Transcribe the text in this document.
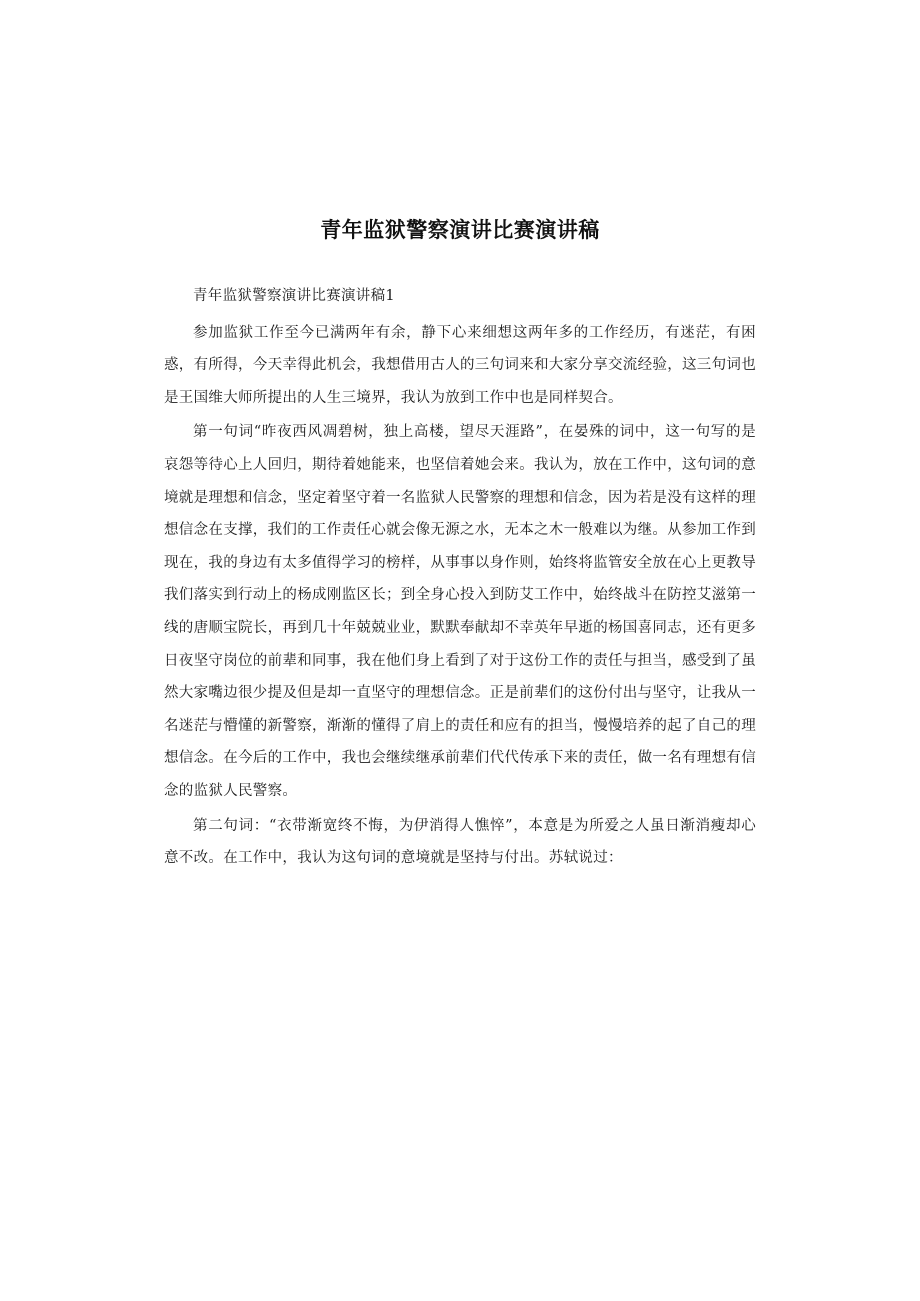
青年监狱警察演讲比赛演讲稿

青年监狱警察演讲比赛演讲稿1

参加监狱工作至今已满两年有余，静下心来细想这两年多的工作经历，有迷茫，有困惑，有所得，今天幸得此机会，我想借用古人的三句词来和大家分享交流经验，这三句词也是王国维大师所提出的人生三境界，我认为放到工作中也是同样契合。

第一句词“昨夜西风凋碧树，独上高楼，望尽天涯路”，在晏殊的词中，这一句写的是哀怨等待心上人回归，期待着她能来，也坚信着她会来。我认为，放在工作中，这句词的意境就是理想和信念，坚定着坚守着一名监狱人民警察的理想和信念，因为若是没有这样的理想信念在支撑，我们的工作责任心就会像无源之水，无本之木一般难以为继。从参加工作到现在，我的身边有太多值得学习的榜样，从事事以身作则，始终将监管安全放在心上更教导我们落实到行动上的杨成刚监区长；到全身心投入到防艾工作中，始终战斗在防控艾滋第一线的唐顺宝院长，再到几十年兢兢业业，默默奉献却不幸英年早逝的杨国喜同志，还有更多日夜坚守岗位的前辈和同事，我在他们身上看到了对于这份工作的责任与担当，感受到了虽然大家嘴边很少提及但是却一直坚守的理想信念。正是前辈们的这份付出与坚守，让我从一名迷茫与懵懂的新警察，渐渐的懂得了肩上的责任和应有的担当，慢慢培养的起了自己的理想信念。在今后的工作中，我也会继续继承前辈们代代传承下来的责任，做一名有理想有信念的监狱人民警察。

第二句词：“衣带渐宽终不悔，为伊消得人憔悴”，本意是为所爱之人虽日渐消瘦却心意不改。在工作中，我认为这句词的意境就是坚持与付出。苏轼说过：
